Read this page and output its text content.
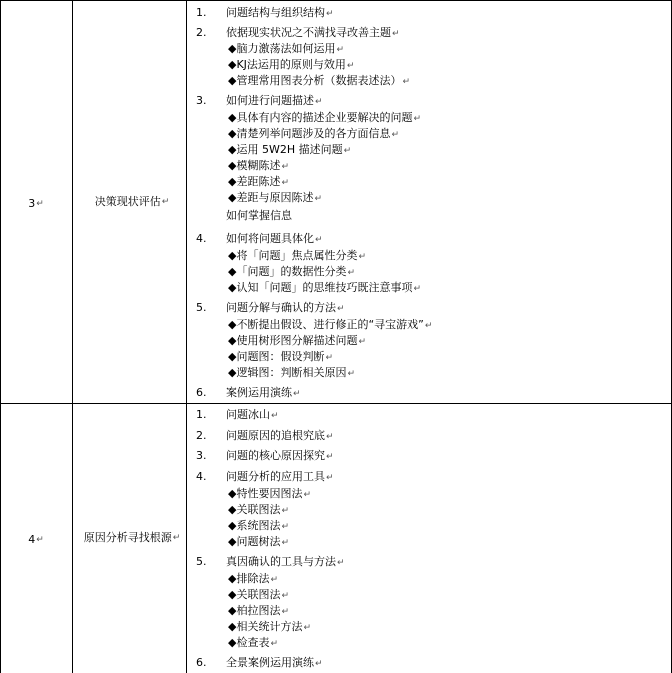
3 ↵	决策现状评估 ↵
1.	问题结构与组织结构↵
2.	依据现实状况之不满找寻改善主题↵
◆脑力激荡法如何运用↵
◆KJ法运用的原则与效用↵
◆管理常用图表分析（数据表述法）↵
3.	如何进行问题描述↵
◆具体有内容的描述企业要解决的问题↵
◆清楚列举问题涉及的各方面信息↵
◆运用 5W2H 描述问题↵
◆模糊陈述↵
◆差距陈述↵
◆差距与原因陈述↵
如何掌握信息
4.	如何将问题具体化↵
◆将「问题」焦点属性分类↵
◆「问题」的数据性分类↵
◆认知「问题」的思维技巧既注意事项↵
5.	问题分解与确认的方法↵
◆不断提出假设、进行修正的“寻宝游戏”↵
◆使用树形图分解描述问题↵
◆问题图：假设判断↵
◆逻辑图：判断相关原因↵
6.	案例运用演练↵
4 ↵	原因分析寻找根源 ↵
1.	问题冰山↵
2.	问题原因的追根究底↵
3.	问题的核心原因探究↵
4.	问题分析的应用工具↵
◆特性要因图法↵
◆关联图法↵
◆系统图法↵
◆问题树法↵
5.	真因确认的工具与方法↵
◆排除法↵
◆关联图法↵
◆柏拉图法↵
◆相关统计方法↵
◆检查表↵
6.	全景案例运用演练↵
